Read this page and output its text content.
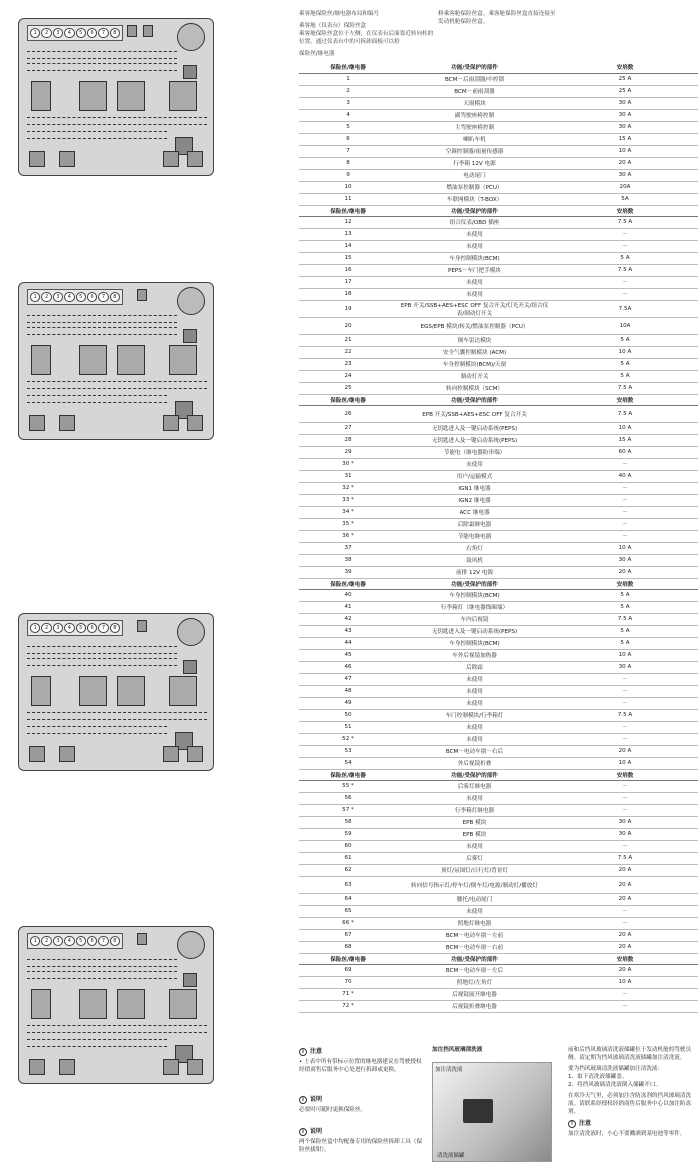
1	2	3	4	5	6	7	8
1	2	3	4	5	6	7	8
1	2	3	4	5	6	7	8
1	2	3	4	5	6	7	8
乘客舱保险丝/继电器布局和编号
乘客舱（仪表台）保险丝盒
乘客舱保险丝盒位于左侧，在仪表台后面靠近转向柱的位置。通过仪表台中的可拆卸面板可以检
保险丝/继电器
修乘客舱保险丝盒。乘客舱保险丝盒直接连接至
发动机舱保险丝盒。
保险丝/继电器	功能/受保护的部件	安培数
1	BCM－后雨刮器/中控锁	25 A
2	BCM－前雨刮器	25 A
3	天窗模块	30 A
4	副驾驶座椅控制	30 A
5	主驾驶座椅控制	30 A
6	喇叭车机	15 A
7	空调控制器/雨量传感器	10 A
8	行李箱 12V 电源	20 A
9	电动尾门	30 A
10	燃油泵控制器（PCU）	20A
11	车联网模块（T-BOX）	5A
保险丝/继电器	功能/受保护的部件	安培数
12	组合仪表/OBD 插座	7.5 A
13	未使用	－
14	未使用	－
15	车身控制模块(BCM)	5 A
16	PEPS－车门把手模块	7.5 A
17	未使用	－
18	未使用	－
19	EPB 开关/SSB+AES+ESC OFF 复合开关/灯光开关/组合仪表/制动灯开关	7.5A
20	EGS/EPB 模块/转关/燃油泵控制器（PCU）	10A
21	倒车雷达模块	5 A
22	安全气囊控制模块 (ACM)	10 A
23	车身控制模块(BCM)/天窗	5 A
24	制动灯开关	5 A
25	转向控制模块（SCM）	7.5 A
保险丝/继电器	功能/受保护的部件	安培数
26	EPB 开关/SSB+AES+ESC OFF 复合开关	7.5 A
27	无钥匙进入及一键启动系统(PEPS)	10 A
28	无钥匙进入及一键启动系统(PEPS)	15 A
29	节能电（继电器防串端）	60 A
30 *	未使用	－
31	用户/运输模式	40 A
32 *	IGN1 继电器	－
33 *	IGN2 继电器	－
34 *	ACC 继电器	－
35 *	后除霜继电器	－
36 *	节能电继电器	－
37	右角灯	10 A
38	鼓风机	30 A
39	前排 12V 电源	20 A
保险丝/继电器	功能/受保护的部件	安培数
40	车身控制模块(BCM)	5 A
41	行李箱灯（继电器线圈端）	5 A
42	车内后视镜	7.5 A
43	无钥匙进入及一键启动系统(PEPS)	5 A
44	车身控制模块(BCM)	5 A
45	车外后视镜加热器	10 A
46	后除霜	30 A
47	未使用	－
48	未使用	－
49	未使用	－
50	车门控制模块/行李箱灯	7.5 A
51	未使用	－
52 *	未使用	－
53	BCM－电动车窗－右后	20 A
54	外后视镜折叠	10 A
保险丝/继电器	功能/受保护的部件	安培数
55 *	后雾灯继电器	－
56	未使用	－
57 *	行李箱灯继电器	－
58	EPB 模块	30 A
59	EPB 模块	30 A
60	未使用	－
61	后雾灯	7.5 A
62	顶灯/氛围灯/日行灯/背景灯	20 A
63	转向信号指示灯/停车灯/倒车灯/电源/制动灯/播放灯	20 A
64	腰托/电动尾门	20 A
65	未使用	－
66 *	照地灯继电器	－
67	BCM－电动车窗－左前	20 A
68	BCM－电动车窗－右前	20 A
保险丝/继电器	功能/受保护的部件	安培数
69	BCM－电动车窗－左后	20 A
70	照地灯/左角灯	10 A
71 *	后视镜展开继电器	－
72 *	后视镜折叠继电器	－
i	注意
• 上表中所有带标示位置的继电器建议在驾驶授权经销商售后服务中心处进行拆卸或更换。
i	说明
必要时可随时更换保险丝。
i	说明
两个保险丝盒中均配备专用的保险丝拆卸工具（保险丝拔钳）。
加注挡风玻璃清洗液
加注清洗液
清洗液储罐
前和后挡风玻璃清洗液储罐位于发动机舱的驾驶员侧。请定期为挡风玻璃清洗液储罐加注清洗液。
要为挡风玻璃清洗液储罐加注清洗液：
1、取下清洗液储罐盖。
2、将挡风玻璃清洗液倒入储罐开口。
在寒冷天气里，必须加注含防冻剂的挡风玻璃清洗液。请联系经授权经销商售后服务中心以加注防冻剂。
! 注意
加注清洗液时，小心不要溅洒到某电池等零件。
